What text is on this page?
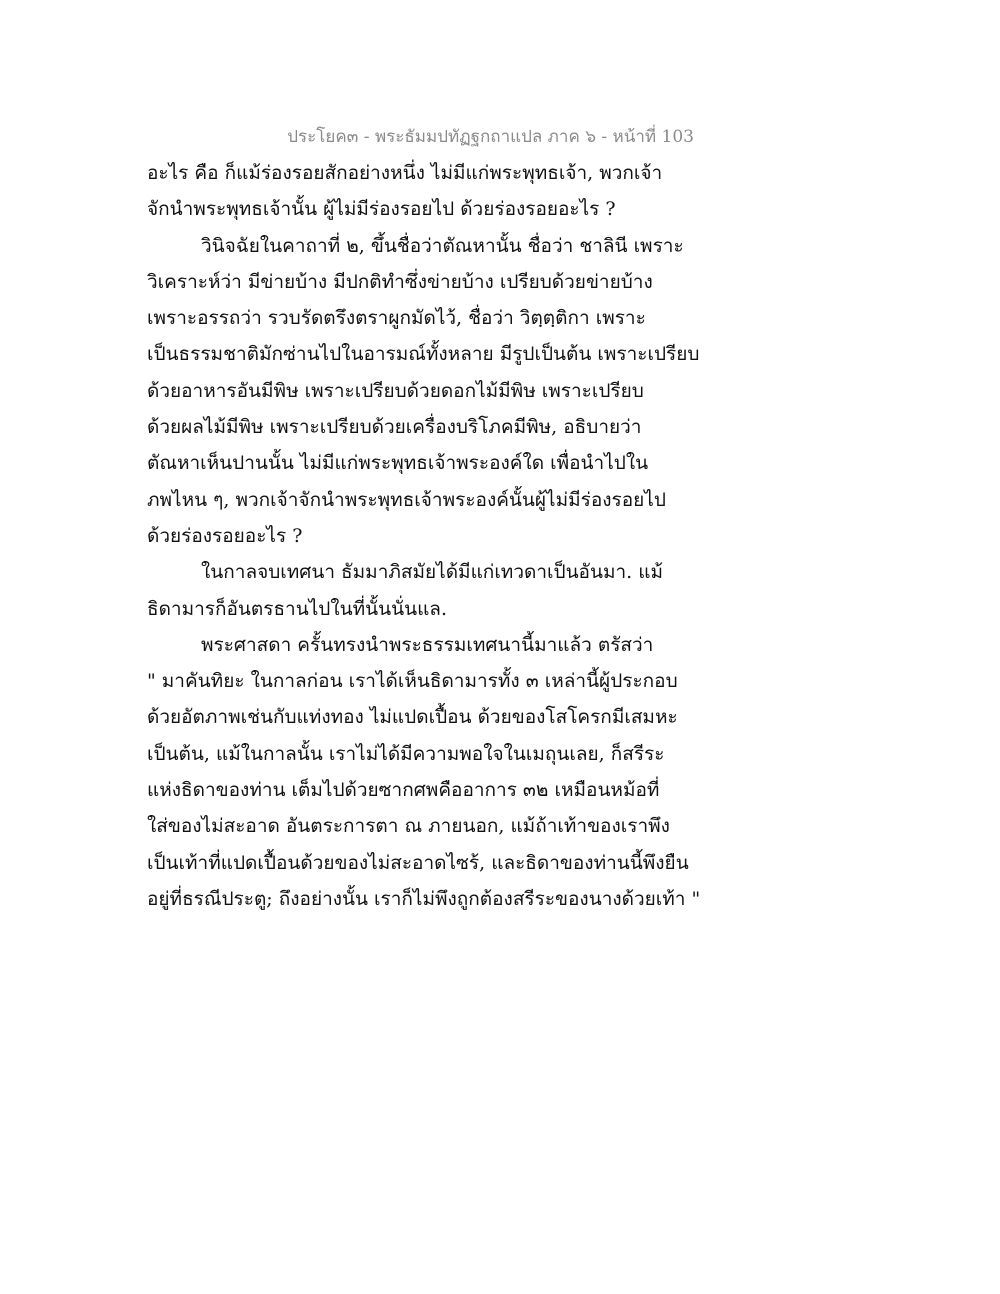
ประโยค๓ - พระธัมมปทัฏฐกถาแปล ภาค ๖ - หน้าที่ 103
อะไร คือ ก็แม้ร่องรอยสักอย่างหนึ่ง ไม่มีแก่พระพุทธเจ้า, พวกเจ้า
จักนำพระพุทธเจ้านั้น ผู้ไม่มีร่องรอยไป ด้วยร่องรอยอะไร ?
วินิจฉัยในคาถาที่ ๒, ขึ้นชื่อว่าตัณหานั้น ชื่อว่า ชาลินี เพราะ
วิเคราะห์ว่า มีข่ายบ้าง มีปกติทำซึ่งข่ายบ้าง เปรียบด้วยข่ายบ้าง
เพราะอรรถว่า รวบรัดตรึงตราผูกมัดไว้, ชื่อว่า วิตฺตฺติกา เพราะ
เป็นธรรมชาติมักซ่านไปในอารมณ์ทั้งหลาย มีรูปเป็นต้น เพราะเปรียบ
ด้วยอาหารอันมีพิษ เพราะเปรียบด้วยดอกไม้มีพิษ เพราะเปรียบ
ด้วยผลไม้มีพิษ เพราะเปรียบด้วยเครื่องบริโภคมีพิษ, อธิบายว่า
ตัณหาเห็นปานนั้น ไม่มีแก่พระพุทธเจ้าพระองค์ใด เพื่อนำไปใน
ภพไหน ๆ, พวกเจ้าจักนำพระพุทธเจ้าพระองค์นั้นผู้ไม่มีร่องรอยไป
ด้วยร่องรอยอะไร ?
ในกาลจบเทศนา ธัมมาภิสมัยได้มีแก่เทวดาเป็นอันมา. แม้
ธิดามารก็อันตรธานไปในที่นั้นนั่นแล.
พระศาสดา ครั้นทรงนำพระธรรมเทศนานี้มาแล้ว ตรัสว่า
" มาคันทิยะ ในกาลก่อน เราได้เห็นธิดามารทั้ง ๓ เหล่านี้ผู้ประกอบ
ด้วยอัตภาพเช่นกับแท่งทอง ไม่แปดเปื้อน ด้วยของโสโครกมีเสมหะ
เป็นต้น, แม้ในกาลนั้น เราไม่ได้มีความพอใจในเมถุนเลย, ก็สรีระ
แห่งธิดาของท่าน เต็มไปด้วยซากศพคืออาการ ๓๒ เหมือนหม้อที่
ใส่ของไม่สะอาด อันตระการตา ณ ภายนอก, แม้ถ้าเท้าของเราพึง
เป็นเท้าที่แปดเปื้อนด้วยของไม่สะอาดไซร้, และธิดาของท่านนี้พึงยืน
อยู่ที่ธรณีประตู; ถึงอย่างนั้น เราก็ไม่พึงถูกต้องสรีระของนางด้วยเท้า "
